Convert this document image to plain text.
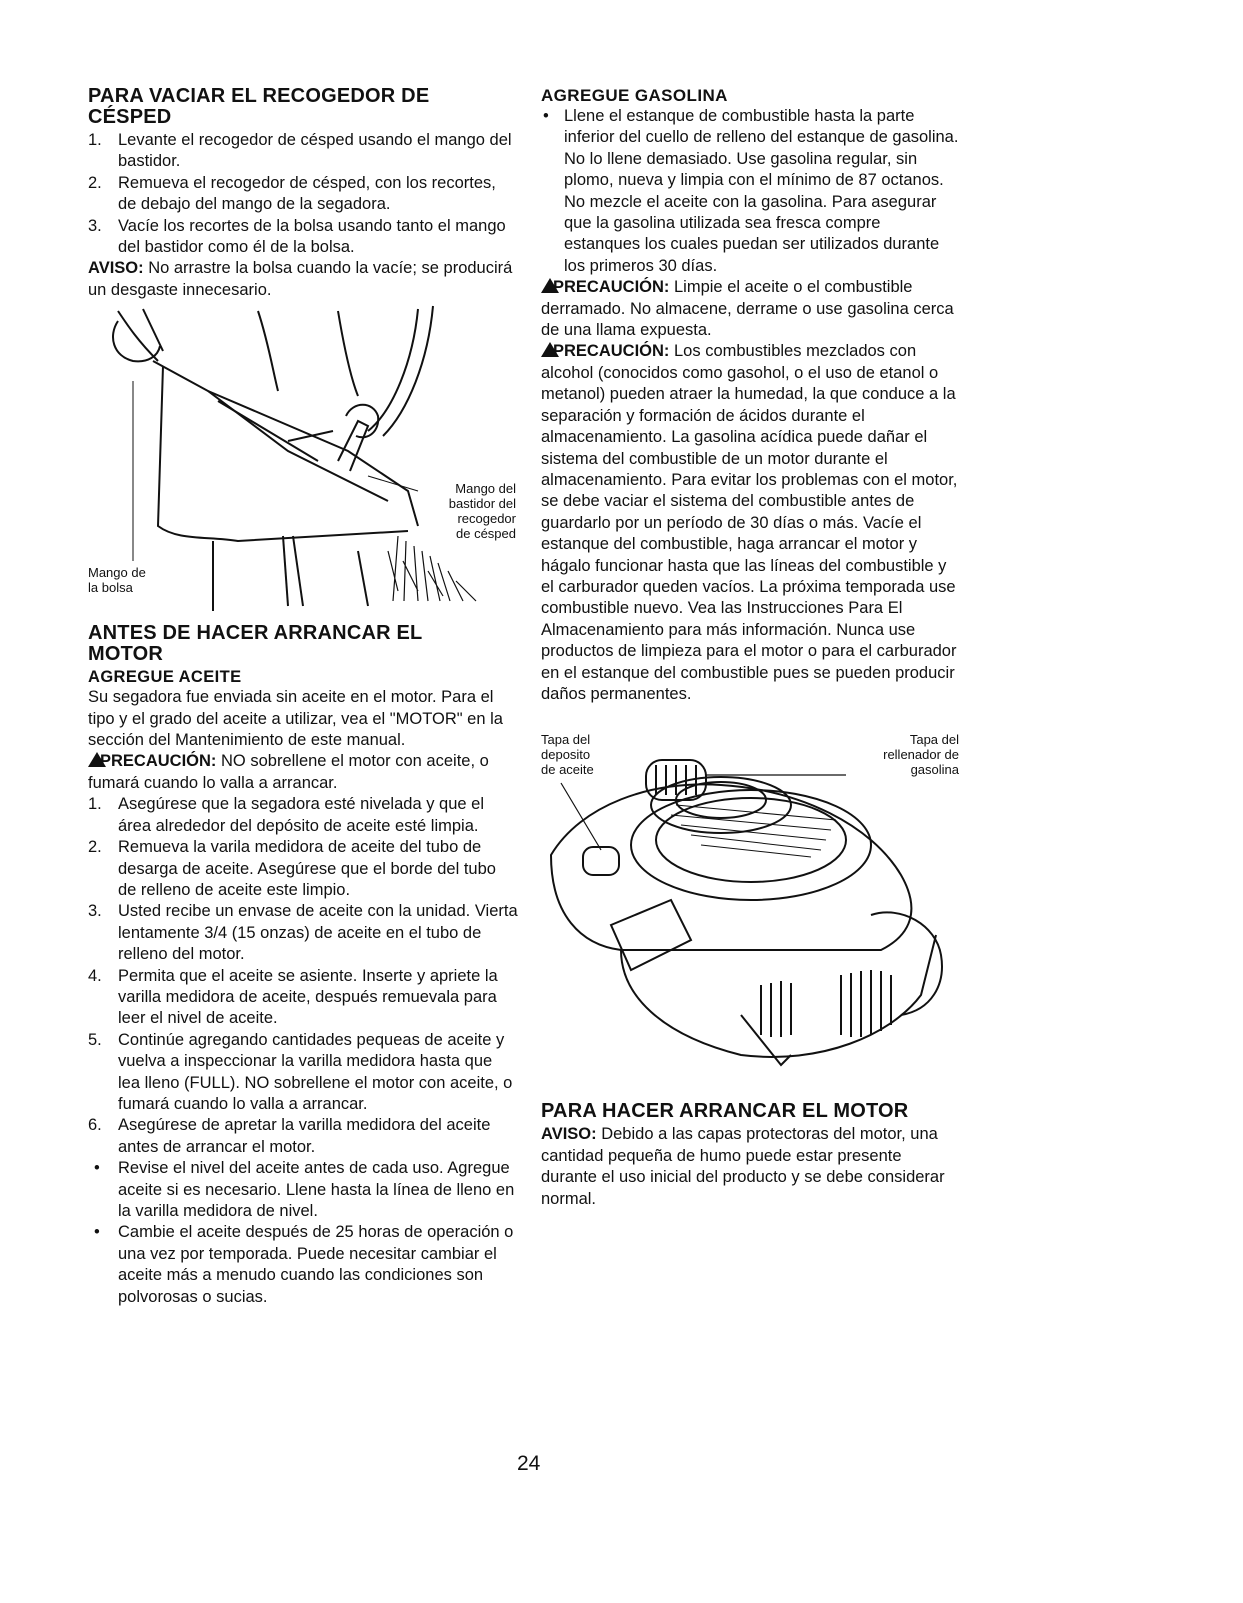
PARA VACIAR EL RECOGEDOR DE
CÉSPED
1. Levante el recogedor de césped usando el mango del bastidor.
2. Remueva el recogedor de césped, con los recortes, de debajo del mango de la segadora.
3. Vacíe los recortes de la bolsa usando tanto el mango del bastidor como él de la bolsa.

AVISO: No arrastre la bolsa cuando la vacíe; se producirá un desgaste innecesario.

Mango del
bastidor del
recogedor
de césped
Mango de
la bolsa
ANTES DE HACER ARRANCAR EL
MOTOR
AGREGUE ACEITE

Su segadora fue enviada sin aceite en el motor. Para el tipo y el grado del aceite a utilizar, vea el "MOTOR" en la sección del Mantenimiento de este manual.

PRECAUCIÓN: NO sobrellene el motor con aceite, o fumará cuando lo valla a arrancar.

1. Asegúrese que la segadora esté nivelada y que el área alrededor del depósito de aceite esté limpia.
2. Remueva la varila medidora de aceite del tubo de desarga de aceite. Asegúrese que el borde del tubo de relleno de aceite este limpio.
3. Usted recibe un envase de aceite con la unidad. Vierta lentamente 3/4 (15 onzas) de aceite en el tubo de relleno del motor.
4. Permita que el aceite se asiente. Inserte y apriete la varilla medidora de aceite, después remuevala para leer el nivel de aceite.
5. Continúe agregando cantidades pequeas de aceite y vuelva a inspeccionar la varilla medidora hasta que lea lleno (FULL). NO sobrellene el motor con aceite, o fumará cuando lo valla a arrancar.
6. Asegúrese de apretar la varilla medidora del aceite antes de arrancar el motor.
• Revise el nivel del aceite antes de cada uso. Agregue aceite si es necesario. Llene hasta la línea de lleno en la varilla medidora de nivel.
• Cambie el aceite después de 25 horas de operación o una vez por temporada. Puede necesitar cambiar el aceite más a menudo cuando las condiciones son polvorosas o sucias.
AGREGUE GASOLINA
• Llene el estanque de combustible hasta la parte inferior del cuello de relleno del estanque de gasolina. No lo llene demasiado. Use gasolina regular, sin plomo, nueva y limpia con el mínimo de 87 octanos. No mezcle el aceite con la gasolina. Para asegurar que la gasolina utilizada sea fresca compre estanques los cuales puedan ser utilizados durante los primeros 30 días.

PRECAUCIÓN: Limpie el aceite o el combustible derramado. No almacene, derrame o use gasolina cerca de una llama expuesta.

PRECAUCIÓN: Los combustibles mezclados con alcohol (conocidos como gasohol, o el uso de etanol o metanol) pueden atraer la humedad, la que conduce a la separación y formación de ácidos durante el almacenamiento. La gasolina acídica puede dañar el sistema del combustible de un motor durante el almacenamiento. Para evitar los problemas con el motor, se debe vaciar el sistema del combustible antes de guardarlo por un período de 30 días o más. Vacíe el estanque del combustible, haga arrancar el motor y hágalo funcionar hasta que las líneas del combustible y el carburador queden vacíos. La próxima temporada use combustible nuevo. Vea las Instrucciones Para El Almacenamiento para más información. Nunca use productos de limpieza para el motor o para el carburador en el estanque del combustible pues se pueden producir daños permanentes.

Tapa del
deposito
de aceite
Tapa del
rellenador de
gasolina
PARA HACER ARRANCAR EL MOTOR

AVISO: Debido a las capas protectoras del motor, una cantidad pequeña de humo puede estar presente durante el uso inicial del producto y se debe considerar normal.

24
